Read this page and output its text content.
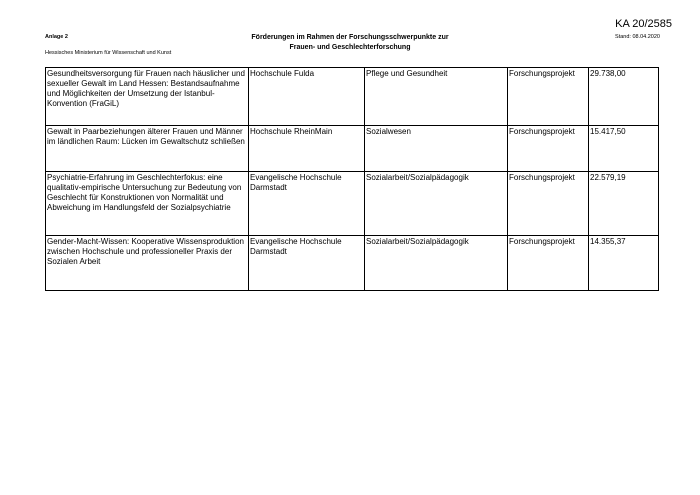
KA 20/2585
Stand: 08.04.2020
Anlage 2
Hessisches Ministerium für Wissenschaft und Kunst
Förderungen im Rahmen der Forschungsschwerpunkte zur
Frauen- und Geschlechterforschung
Gesundheitsversorgung für Frauen nach häuslicher und sexueller Gewalt im Land Hessen: Bestandsaufnahme und Möglichkeiten der Umsetzung der Istanbul-Konvention (FraGiL)	Hochschule Fulda	Pflege und Gesundheit	Forschungsprojekt	29.738,00
Gewalt in Paarbeziehungen älterer Frauen und Männer im ländlichen Raum: Lücken im Gewaltschutz schließen	Hochschule RheinMain	Sozialwesen	Forschungsprojekt	15.417,50
Psychiatrie-Erfahrung im Geschlechterfokus: eine qualitativ-empirische Untersuchung zur Bedeutung von Geschlecht für Konstruktionen von Normalität und Abweichung im Handlungsfeld der Sozialpsychiatrie	Evangelische Hochschule Darmstadt	Sozialarbeit/Sozialpädagogik	Forschungsprojekt	22.579,19
Gender-Macht-Wissen: Kooperative Wissensproduktion zwischen Hochschule und professioneller Praxis der Sozialen Arbeit	Evangelische Hochschule Darmstadt	Sozialarbeit/Sozialpädagogik	Forschungsprojekt	14.355,37
